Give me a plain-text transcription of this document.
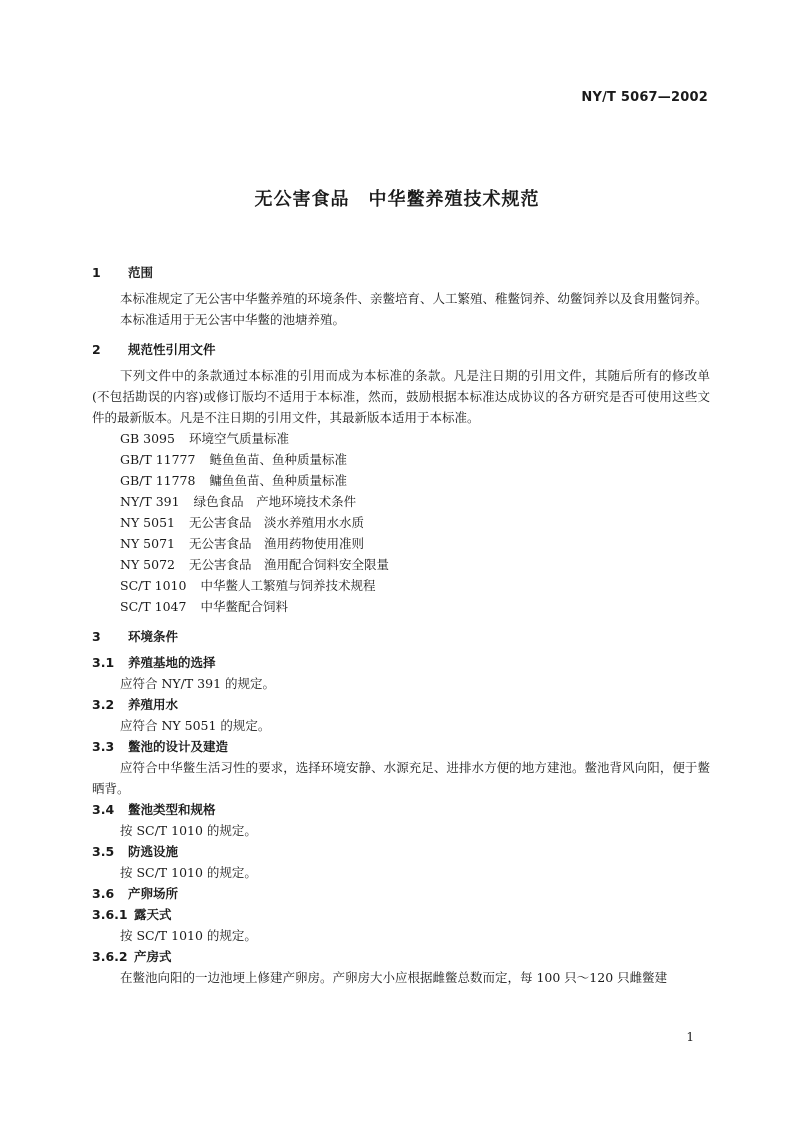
NY/T 5067—2002
无公害食品　中华鳖养殖技术规范
1 范围
本标准规定了无公害中华鳖养殖的环境条件、亲鳖培育、人工繁殖、稚鳖饲养、幼鳖饲养以及食用鳖饲养。
本标准适用于无公害中华鳖的池塘养殖。
2 规范性引用文件
下列文件中的条款通过本标准的引用而成为本标准的条款。凡是注日期的引用文件，其随后所有的修改单(不包括勘误的内容)或修订版均不适用于本标准，然而，鼓励根据本标准达成协议的各方研究是否可使用这些文件的最新版本。凡是不注日期的引用文件，其最新版本适用于本标准。
GB 3095 环境空气质量标准
GB/T 11777 鲢鱼鱼苗、鱼种质量标准
GB/T 11778 鳙鱼鱼苗、鱼种质量标准
NY/T 391 绿色食品　产地环境技术条件
NY 5051 无公害食品　淡水养殖用水水质
NY 5071 无公害食品　渔用药物使用准则
NY 5072 无公害食品　渔用配合饲料安全限量
SC/T 1010 中华鳖人工繁殖与饲养技术规程
SC/T 1047 中华鳖配合饲料
3 环境条件
3.1 养殖基地的选择
应符合 NY/T 391 的规定。
3.2 养殖用水
应符合 NY 5051 的规定。
3.3 鳖池的设计及建造
应符合中华鳖生活习性的要求，选择环境安静、水源充足、进排水方便的地方建池。鳖池背风向阳，便于鳖晒背。
3.4 鳖池类型和规格
按 SC/T 1010 的规定。
3.5 防逃设施
按 SC/T 1010 的规定。
3.6 产卵场所
3.6.1 露天式
按 SC/T 1010 的规定。
3.6.2 产房式
在鳖池向阳的一边池埂上修建产卵房。产卵房大小应根据雌鳖总数而定，每 100 只～120 只雌鳖建
1
